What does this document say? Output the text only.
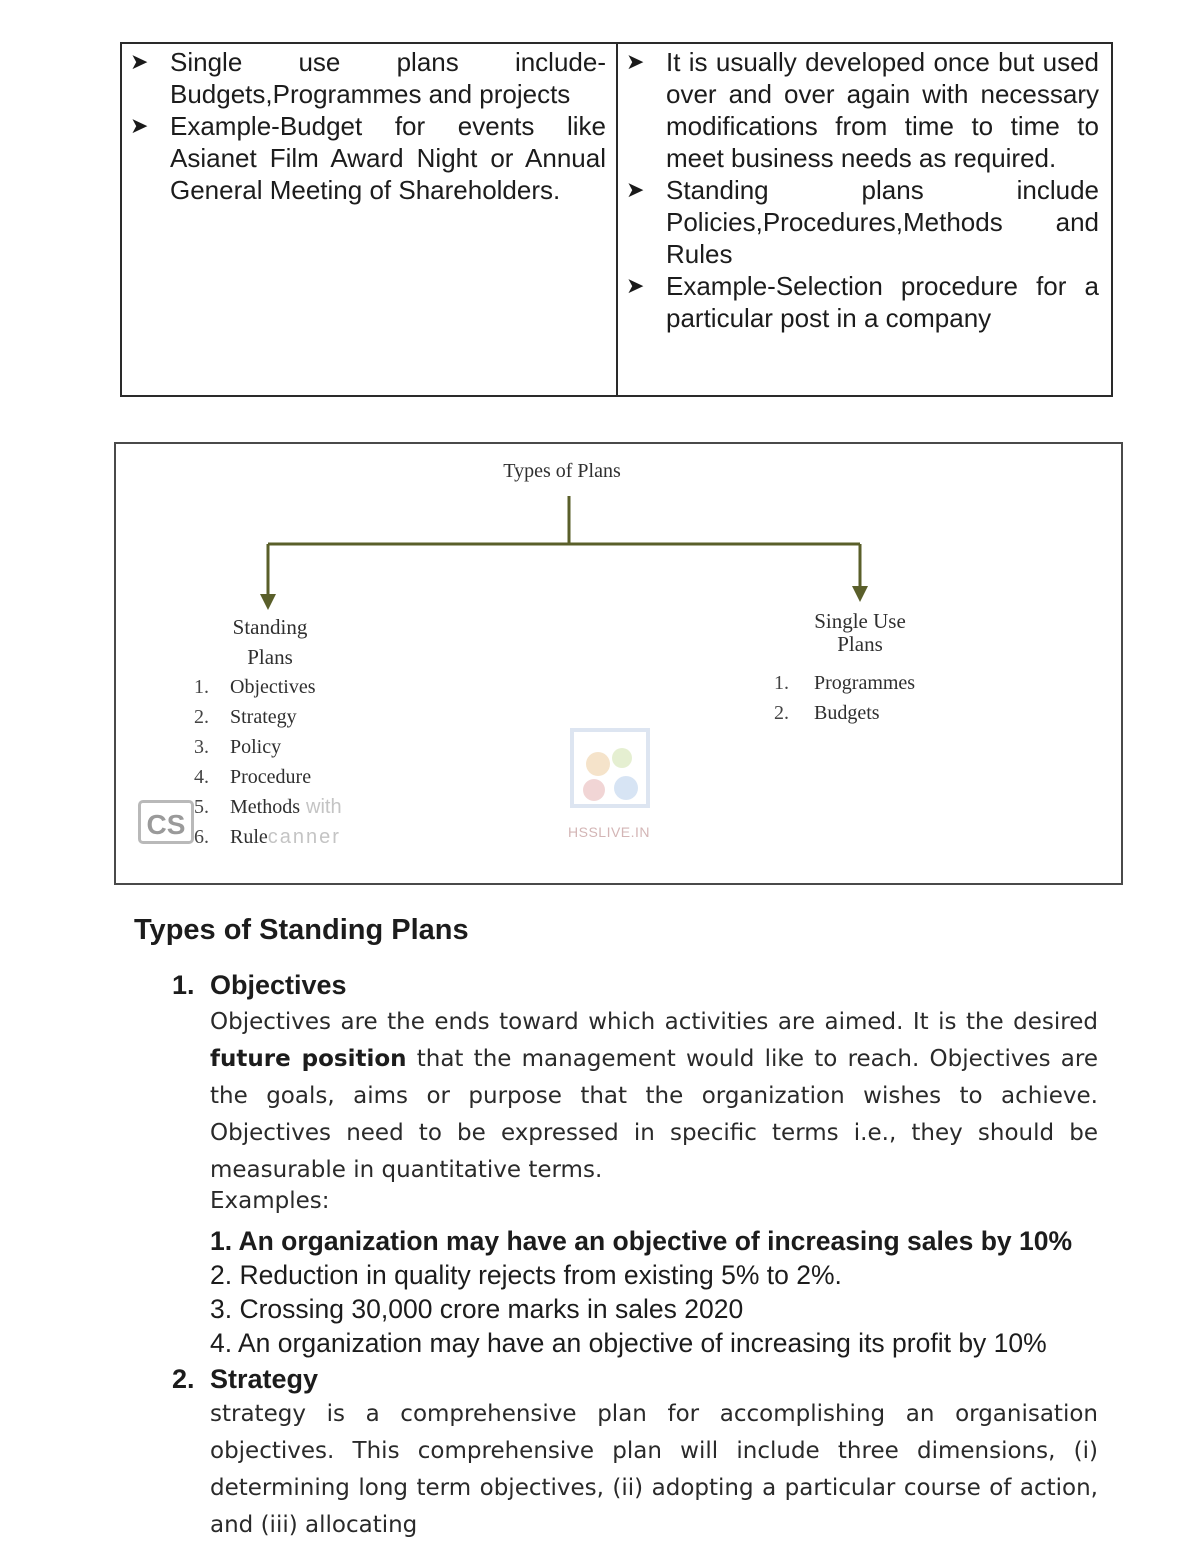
➤ Single use plans include-Budgets,Programmes and projects

➤ Example-Budget for events like Asianet Film Award Night or Annual General Meeting of Shareholders.

➤ It is usually developed once but used over and over again with necessary modifications from time to time to meet business needs as required.

➤ Standing plans include Policies,Procedures,Methods and Rules

➤ Example-Selection procedure for a particular post in a company

Types of Plans
Standing
Plans
1. Objectives
2. Strategy
3. Policy
4. Procedure
5. Methods with
6. Rulecanner
CS
Single Use
Plans
1. Programmes
2. Budgets
HSSLIVE.IN
Types of Standing Plans
1. Objectives

Objectives are the ends toward which activities are aimed. It is the desired future position that the management would like to reach. Objectives are the goals, aims or purpose that the organization wishes to achieve. Objectives need to be expressed in specific terms i.e., they should be measurable in quantitative terms.

Examples:
1. An organization may have an objective of increasing sales by 10%
2. Reduction in quality rejects from existing 5% to 2%.
3. Crossing 30,000 crore marks in sales 2020
4. An organization may have an objective of increasing its profit by 10%
2. Strategy

strategy is a comprehensive plan for accomplishing an organisation objectives. This comprehensive plan will include three dimensions, (i) determining long term objectives, (ii) adopting a particular course of action, and (iii) allocating
